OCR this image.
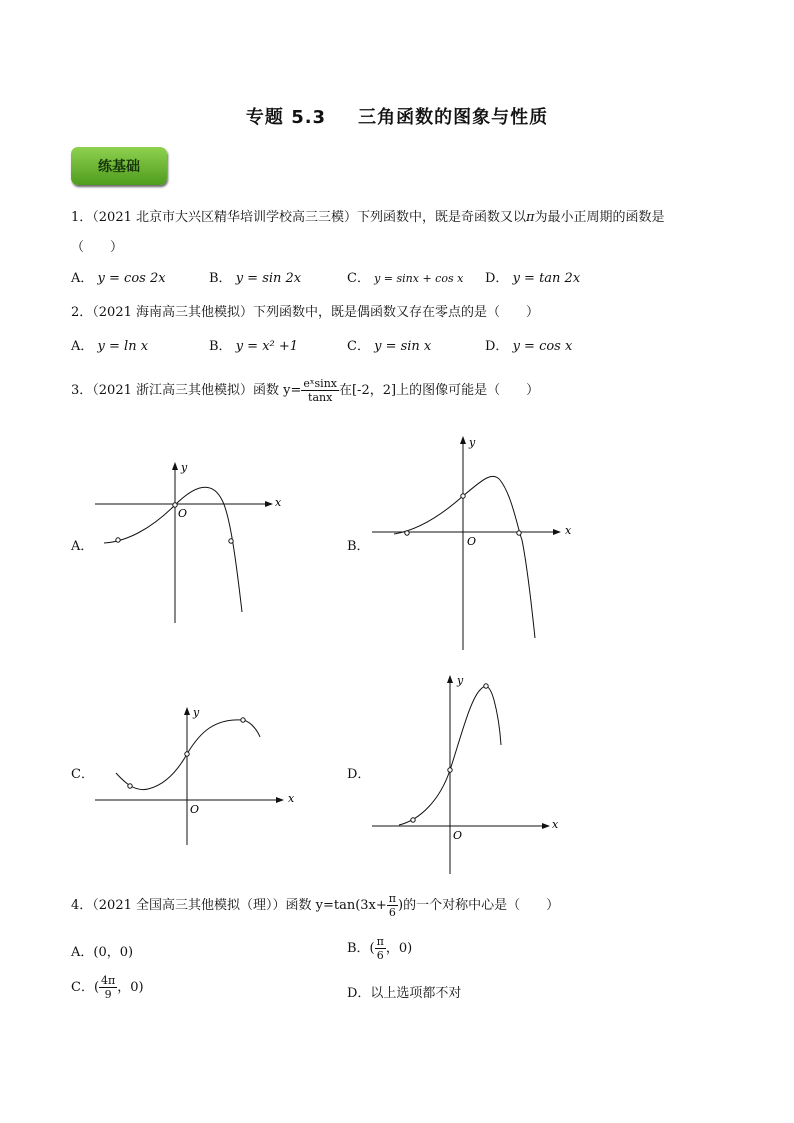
专题 5.3 三角函数的图象与性质
练基础
1．（2021 北京市大兴区精华培训学校高三三模）下列函数中，既是奇函数又以π为最小正周期的函数是
（　　）
A． y = cos 2x	B． y = sin 2x	C． y = sinx + cos x D． y = tan 2x
2．（2021 海南高三其他模拟）下列函数中，既是偶函数又存在零点的是（　　）
A． y = ln x	B． y = x² +1	C． y = sin x	D． y = cos x
3．（2021 浙江高三其他模拟）函数 $y= \frac{\text{eˣsinx}}{\tan x}$ 在[-2，2]上的图像可能是（　　）
A．	B．
C．	D．
x
y
O
x
y
O
x
y
O
x
y
O
4．（2021 全国高三其他模拟（理））函数 $y=\tan(3x+ \frac{\pi}{6}$ )的一个对称中心是（　　）
A．(0，0)	B．( $\frac{\pi}{6}$ ，0)
C．( $\frac{4\pi}{9}$ ，0)	D．以上选项都不对
